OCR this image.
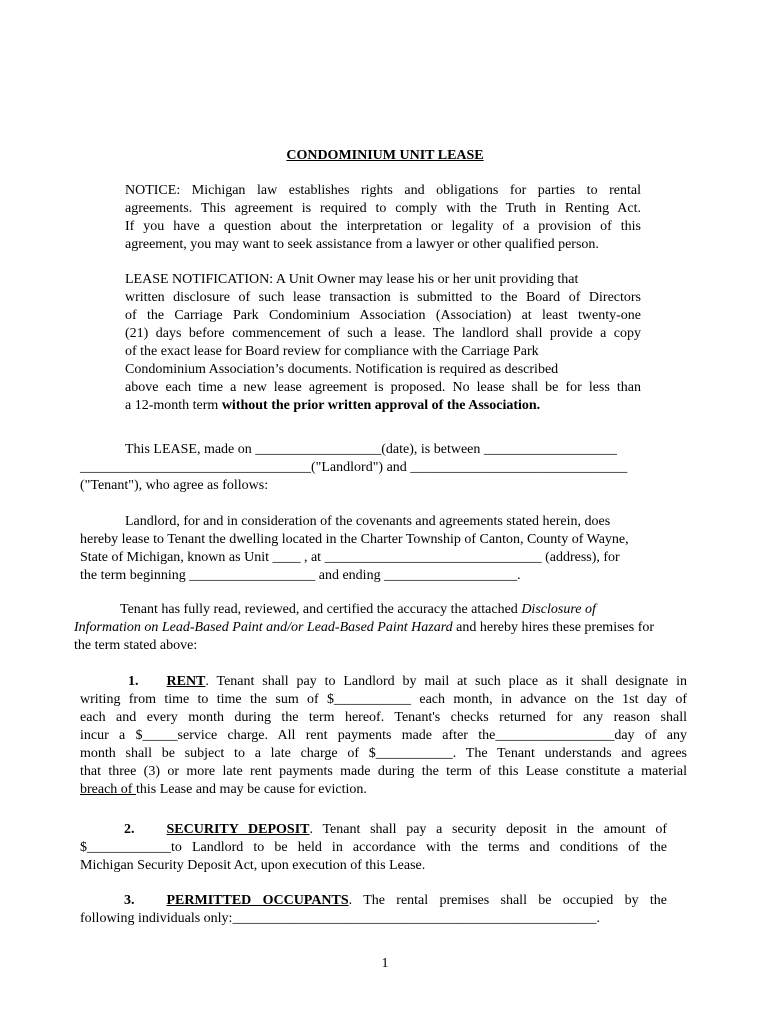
CONDOMINIUM UNIT LEASE
NOTICE: Michigan law establishes rights and obligations for parties to rental
agreements. This agreement is required to comply with the Truth in Renting Act.
If you have a question about the interpretation or legality of a provision of this
agreement, you may want to seek assistance from a lawyer or other qualified person.
LEASE NOTIFICATION: A Unit Owner may lease his or her unit providing that
written disclosure of such lease transaction is submitted to the Board of Directors
of the Carriage Park Condominium Association (Association) at least twenty-one
(21) days before commencement of such a lease. The landlord shall provide a copy
of the exact lease for Board review for compliance with the Carriage Park
Condominium Association’s documents. Notification is required as described
above each time a new lease agreement is proposed. No lease shall be for less than
a 12-month term without the prior written approval of the Association.
This LEASE, made on __________________(date), is between ___________________
_________________________________("Landlord") and _______________________________
("Tenant"), who agree as follows:
Landlord, for and in consideration of the covenants and agreements stated herein, does
hereby lease to Tenant the dwelling located in the Charter Township of Canton, County of Wayne,
State of Michigan, known as Unit ____ , at _______________________________ (address), for
the term beginning __________________ and ending ___________________.
Tenant has fully read, reviewed, and certified the accuracy the attached Disclosure of
Information on Lead-Based Paint and/or Lead-Based Paint Hazard and hereby hires these premises for
the term stated above:
1. RENT. Tenant shall pay to Landlord by mail at such place as it shall designate in
writing from time to time the sum of $___________ each month, in advance on the 1st day of
each and every month during the term hereof. Tenant's checks returned for any reason shall
incur a $_____service charge. All rent payments made after the_________________day of any
month shall be subject to a late charge of $___________. The Tenant understands and agrees
that three (3) or more late rent payments made during the term of this Lease constitute a material
breach of this Lease and may be cause for eviction.
2. SECURITY DEPOSIT. Tenant shall pay a security deposit in the amount of
$____________to Landlord to be held in accordance with the terms and conditions of the
Michigan Security Deposit Act, upon execution of this Lease.
3. PERMITTED OCCUPANTS. The rental premises shall be occupied by the
following individuals only:____________________________________________________.
1
